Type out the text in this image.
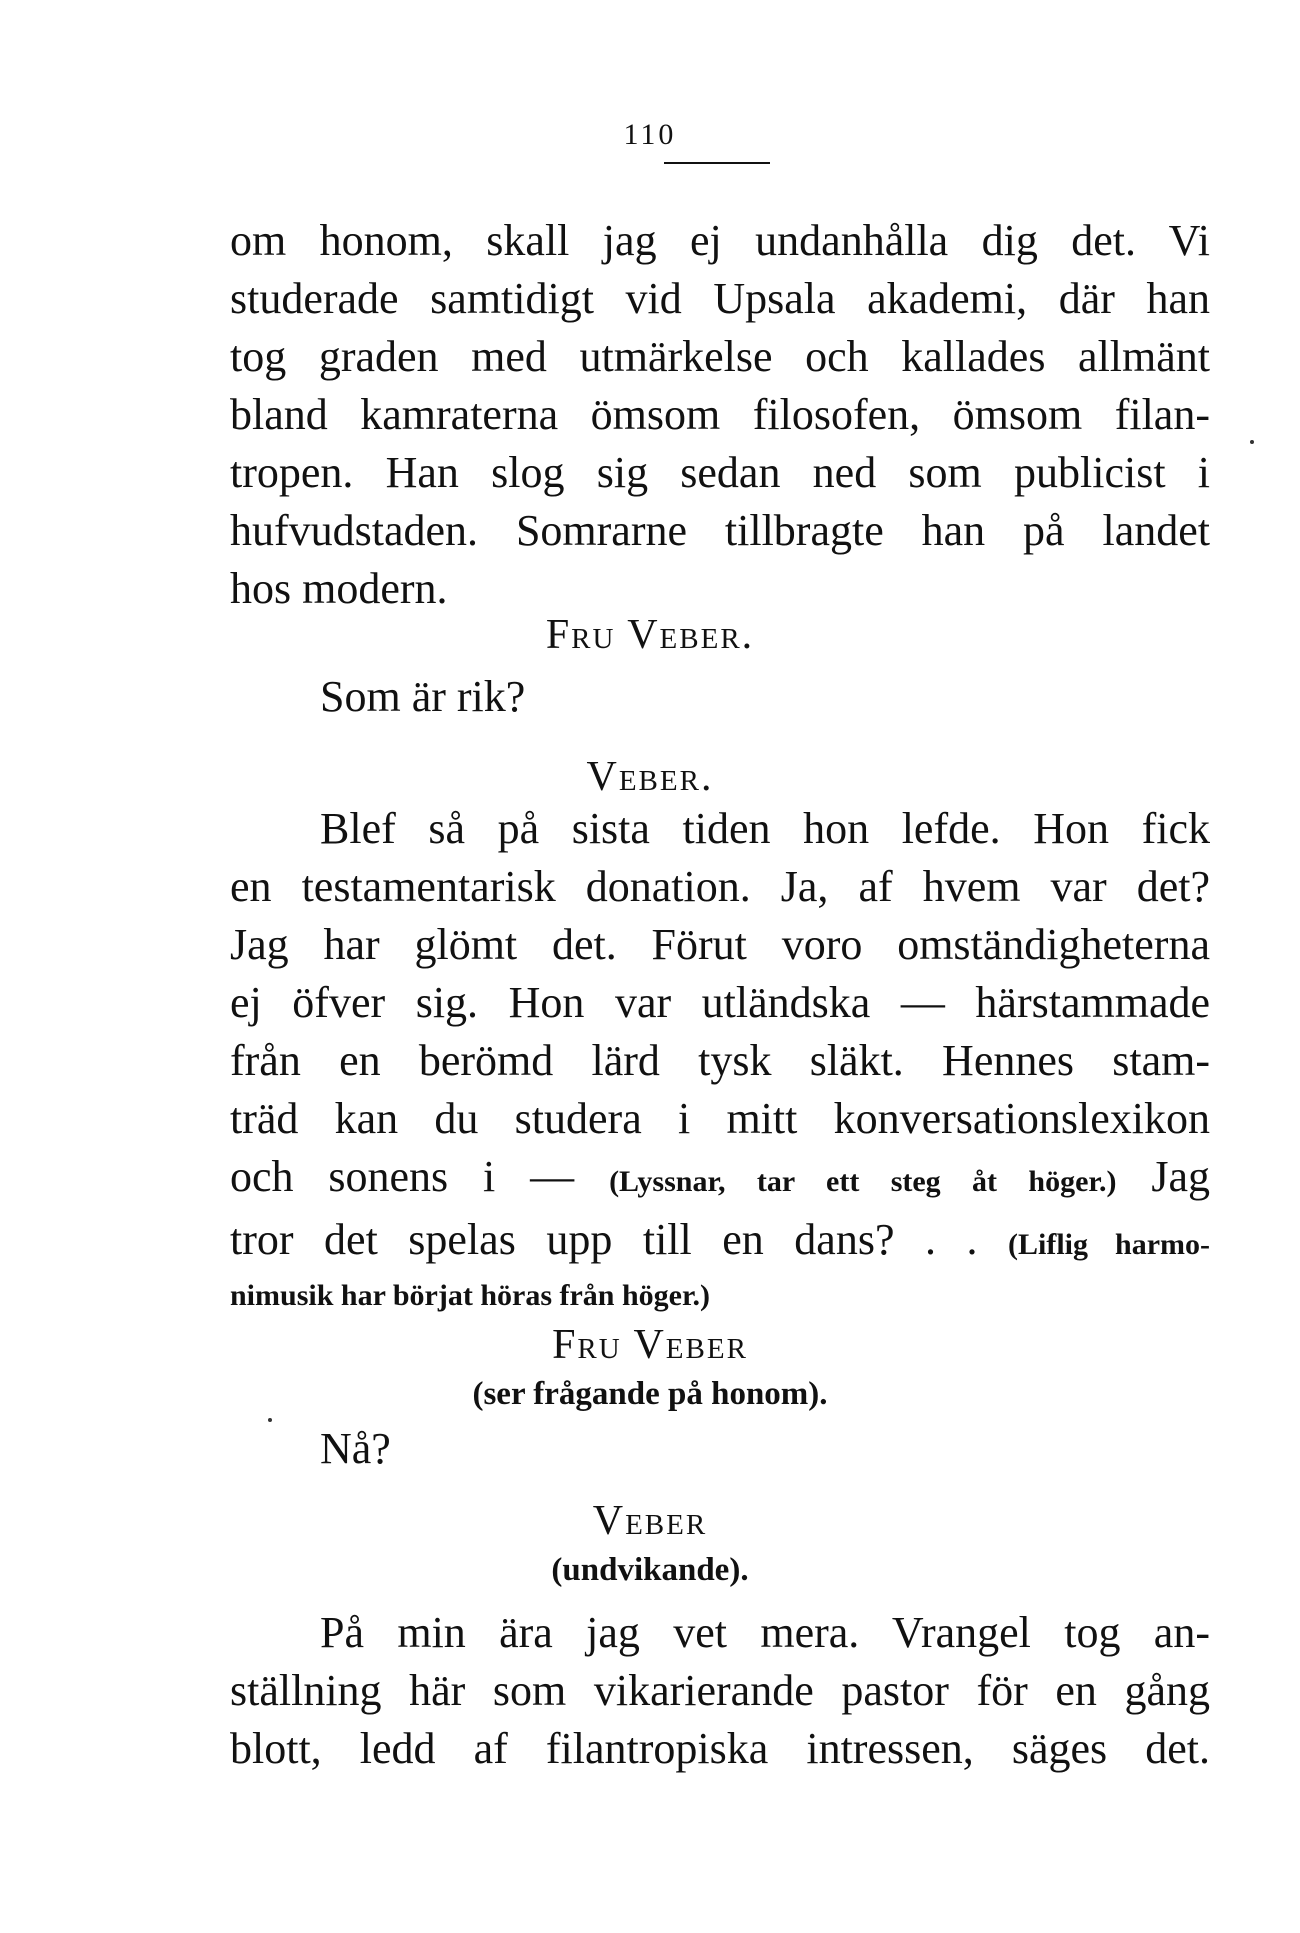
110
om honom, skall jag ej undanhålla dig det. Vi
studerade samtidigt vid Upsala akademi, där han
tog graden med utmärkelse och kallades allmänt
bland kamraterna ömsom filosofen, ömsom filan-
tropen. Han slog sig sedan ned som publicist i
hufvudstaden. Somrarne tillbragte han på landet
hos modern.
Fru Veber.
Som är rik?
Veber.
Blef så på sista tiden hon lefde. Hon fick
en testamentarisk donation. Ja, af hvem var det?
Jag har glömt det. Förut voro omständigheterna
ej öfver sig. Hon var utländska — härstammade
från en berömd lärd tysk släkt. Hennes stam-
träd kan du studera i mitt konversationslexikon
och sonens i — (Lyssnar, tar ett steg åt höger.) Jag
tror det spelas upp till en dans? . . (Liflig harmo-
nimusik har börjat höras från höger.)
Fru Veber
(ser frågande på honom).
Nå?
Veber
(undvikande).
På min ära jag vet mera. Vrangel tog an-
ställning här som vikarierande pastor för en gång
blott, ledd af filantropiska intressen, säges det.
